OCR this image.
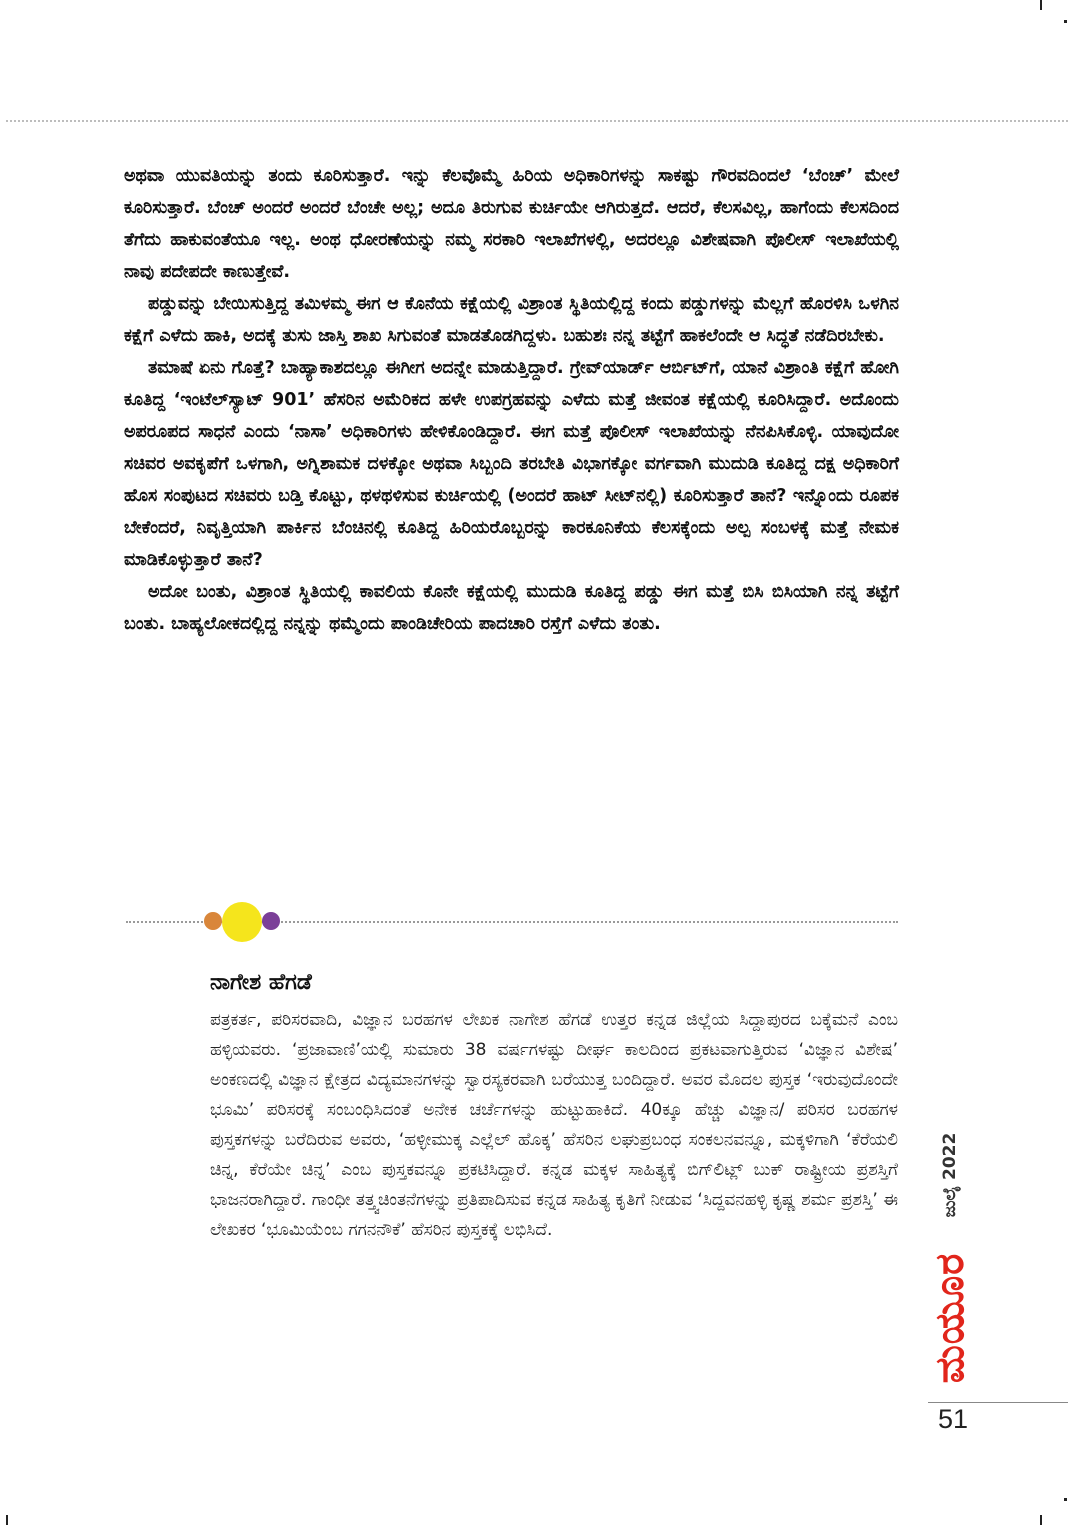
ಅಥವಾ ಯುವತಿಯನ್ನು ತಂದು ಕೂರಿಸುತ್ತಾರೆ. ಇನ್ನು ಕೆಲವೊಮ್ಮೆ ಹಿರಿಯ ಅಧಿಕಾರಿಗಳನ್ನು ಸಾಕಷ್ಟು ಗೌರವದಿಂದಲೆ ‘ಬೆಂಚ್’ ಮೇಲೆ ಕೂರಿಸುತ್ತಾರೆ. ಬೆಂಚ್ ಅಂದರೆ ಅಂದರೆ ಬೆಂಚೇ ಅಲ್ಲ; ಅದೂ ತಿರುಗುವ ಕುರ್ಚಿಯೇ ಆಗಿರುತ್ತದೆ. ಆದರೆ, ಕೆಲಸವಿಲ್ಲ, ಹಾಗೆಂದು ಕೆಲಸದಿಂದ ತೆಗೆದು ಹಾಕುವಂತೆಯೂ ಇಲ್ಲ. ಅಂಥ ಧೋರಣೆಯನ್ನು ನಮ್ಮ ಸರಕಾರಿ ಇಲಾಖೆಗಳಲ್ಲಿ, ಅದರಲ್ಲೂ ವಿಶೇಷವಾಗಿ ಪೊಲೀಸ್ ಇಲಾಖೆಯಲ್ಲಿ ನಾವು ಪದೇಪದೇ ಕಾಣುತ್ತೇವೆ.

ಪಡ್ಡುವನ್ನು ಬೇಯಿಸುತ್ತಿದ್ದ ತಮಿಳಮ್ಮ ಈಗ ಆ ಕೊನೆಯ ಕಕ್ಷೆಯಲ್ಲಿ ವಿಶ್ರಾಂತ ಸ್ಥಿತಿಯಲ್ಲಿದ್ದ ಕಂದು ಪಡ್ಡುಗಳನ್ನು ಮೆಲ್ಲಗೆ ಹೊರಳಿಸಿ ಒಳಗಿನ ಕಕ್ಷೆಗೆ ಎಳೆದು ಹಾಕಿ, ಅದಕ್ಕೆ ತುಸು ಜಾಸ್ತಿ ಶಾಖ ಸಿಗುವಂತೆ ಮಾಡತೊಡಗಿದ್ದಳು. ಬಹುಶಃ ನನ್ನ ತಟ್ಟೆಗೆ ಹಾಕಲೆಂದೇ ಆ ಸಿದ್ಧತೆ ನಡೆದಿರಬೇಕು.

ತಮಾಷೆ ಏನು ಗೊತ್ತೆ? ಬಾಹ್ಯಾಕಾಶದಲ್ಲೂ ಈಗೀಗ ಅದನ್ನೇ ಮಾಡುತ್ತಿದ್ದಾರೆ. ಗ್ರೇವ್‌ಯಾರ್ಡ್ ಆರ್ಬಿಟ್‌ಗೆ, ಯಾನೆ ವಿಶ್ರಾಂತಿ ಕಕ್ಷೆಗೆ ಹೋಗಿ ಕೂತಿದ್ದ ‘ಇಂಟೆಲ್‌ಸ್ಯಾಟ್ 901’ ಹೆಸರಿನ ಅಮೆರಿಕದ ಹಳೇ ಉಪಗ್ರಹವನ್ನು ಎಳೆದು ಮತ್ತೆ ಜೀವಂತ ಕಕ್ಷೆಯಲ್ಲಿ ಕೂರಿಸಿದ್ದಾರೆ. ಅದೊಂದು ಅಪರೂಪದ ಸಾಧನೆ ಎಂದು ‘ನಾಸಾ’ ಅಧಿಕಾರಿಗಳು ಹೇಳಿಕೊಂಡಿದ್ದಾರೆ. ಈಗ ಮತ್ತೆ ಪೊಲೀಸ್ ಇಲಾಖೆಯನ್ನು ನೆನಪಿಸಿಕೊಳ್ಳಿ. ಯಾವುದೋ ಸಚಿವರ ಅವಕೃಪೆಗೆ ಒಳಗಾಗಿ, ಅಗ್ನಿಶಾಮಕ ದಳಕ್ಕೋ ಅಥವಾ ಸಿಬ್ಬಂದಿ ತರಬೇತಿ ವಿಭಾಗಕ್ಕೋ ವರ್ಗವಾಗಿ ಮುದುಡಿ ಕೂತಿದ್ದ ದಕ್ಷ ಅಧಿಕಾರಿಗೆ ಹೊಸ ಸಂಪುಟದ ಸಚಿವರು ಬಡ್ತಿ ಕೊಟ್ಟು, ಥಳಥಳಿಸುವ ಕುರ್ಚಿಯಲ್ಲಿ (ಅಂದರೆ ಹಾಟ್ ಸೀಟ್‌ನಲ್ಲಿ) ಕೂರಿಸುತ್ತಾರೆ ತಾನೆ? ಇನ್ನೊಂದು ರೂಪಕ ಬೇಕೆಂದರೆ, ನಿವೃತ್ತಿಯಾಗಿ ಪಾರ್ಕಿನ ಬೆಂಚಿನಲ್ಲಿ ಕೂತಿದ್ದ ಹಿರಿಯರೊಬ್ಬರನ್ನು ಕಾರಕೂನಿಕೆಯ ಕೆಲಸಕ್ಕೆಂದು ಅಲ್ಪ ಸಂಬಳಕ್ಕೆ ಮತ್ತೆ ನೇಮಕ ಮಾಡಿಕೊಳ್ಳುತ್ತಾರೆ ತಾನೆ?

ಅದೋ ಬಂತು, ವಿಶ್ರಾಂತ ಸ್ಥಿತಿಯಲ್ಲಿ ಕಾವಲಿಯ ಕೊನೇ ಕಕ್ಷೆಯಲ್ಲಿ ಮುದುಡಿ ಕೂತಿದ್ದ ಪಡ್ಡು ಈಗ ಮತ್ತೆ ಬಿಸಿ ಬಿಸಿಯಾಗಿ ನನ್ನ ತಟ್ಟೆಗೆ ಬಂತು. ಬಾಹ್ಯಲೋಕದಲ್ಲಿದ್ದ ನನ್ನನ್ನು ಥಮ್ಮೆಂದು ಪಾಂಡಿಚೇರಿಯ ಪಾದಚಾರಿ ರಸ್ತೆಗೆ ಎಳೆದು ತಂತು.

ನಾಗೇಶ ಹೆಗಡೆ

ಪತ್ರಕರ್ತ, ಪರಿಸರವಾದಿ, ವಿಜ್ಞಾನ ಬರಹಗಳ ಲೇಖಕ ನಾಗೇಶ ಹೆಗಡೆ ಉತ್ತರ ಕನ್ನಡ ಜಿಲ್ಲೆಯ ಸಿದ್ದಾಪುರದ ಬಕ್ಕೆಮನೆ ಎಂಬ ಹಳ್ಳಿಯವರು. ‘ಪ್ರಜಾವಾಣಿ’ಯಲ್ಲಿ ಸುಮಾರು 38 ವರ್ಷಗಳಷ್ಟು ದೀರ್ಘ ಕಾಲದಿಂದ ಪ್ರಕಟವಾಗುತ್ತಿರುವ ‘ವಿಜ್ಞಾನ ವಿಶೇಷ’ ಅಂಕಣದಲ್ಲಿ ವಿಜ್ಞಾನ ಕ್ಷೇತ್ರದ ವಿದ್ಯಮಾನಗಳನ್ನು ಸ್ವಾರಸ್ಯಕರವಾಗಿ ಬರೆಯುತ್ತ ಬಂದಿದ್ದಾರೆ. ಅವರ ಮೊದಲ ಪುಸ್ತಕ ‘ಇರುವುದೊಂದೇ ಭೂಮಿ’ ಪರಿಸರಕ್ಕೆ ಸಂಬಂಧಿಸಿದಂತೆ ಅನೇಕ ಚರ್ಚೆಗಳನ್ನು ಹುಟ್ಟುಹಾಕಿದೆ. 40ಕ್ಕೂ ಹೆಚ್ಚು ವಿಜ್ಞಾನ/ ಪರಿಸರ ಬರಹಗಳ ಪುಸ್ತಕಗಳನ್ನು ಬರೆದಿರುವ ಅವರು, ‘ಹಳ್ಳೀಮುಕ್ಕ ಎಲ್ಲೆಲ್ ಹೊಕ್ಕ’ ಹೆಸರಿನ ಲಘುಪ್ರಬಂಧ ಸಂಕಲನವನ್ನೂ, ಮಕ್ಕಳಿಗಾಗಿ ‘ಕೆರೆಯಲಿ ಚಿನ್ನ, ಕೆರೆಯೇ ಚಿನ್ನ’ ಎಂಬ ಪುಸ್ತಕವನ್ನೂ ಪ್ರಕಟಿಸಿದ್ದಾರೆ. ಕನ್ನಡ ಮಕ್ಕಳ ಸಾಹಿತ್ಯಕ್ಕೆ ಬಿಗ್‌ಲಿಟ್ಲ್ ಬುಕ್ ರಾಷ್ಟ್ರೀಯ ಪ್ರಶಸ್ತಿಗೆ ಭಾಜನರಾಗಿದ್ದಾರೆ. ಗಾಂಧೀ ತತ್ತ್ವಚಿಂತನೆಗಳನ್ನು ಪ್ರತಿಪಾದಿಸುವ ಕನ್ನಡ ಸಾಹಿತ್ಯ ಕೃತಿಗೆ ನೀಡುವ ‘ಸಿದ್ದವನಹಳ್ಳಿ ಕೃಷ್ಣ ಶರ್ಮ ಪ್ರಶಸ್ತಿ’ ಈ ಲೇಖಕರ ‘ಭೂಮಿಯೆಂಬ ಗಗನನೌಕೆ’ ಹೆಸರಿನ ಪುಸ್ತಕಕ್ಕೆ ಲಭಿಸಿದೆ.

ಜುಲೈ 2022
ಮಯೂರ
51
